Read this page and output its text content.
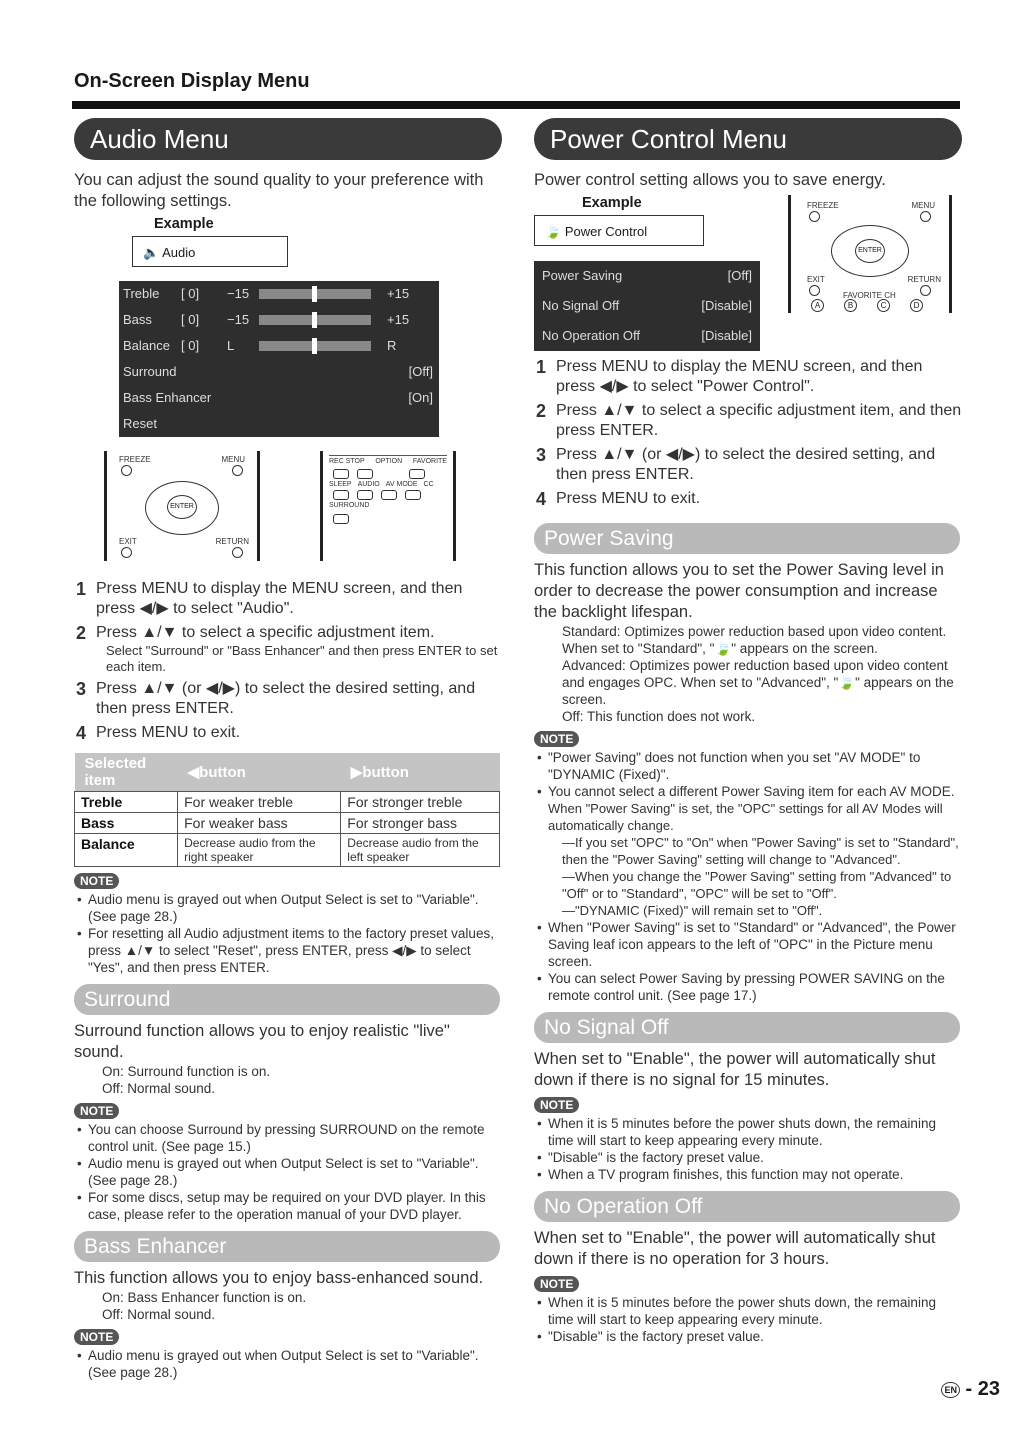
On-Screen Display Menu
Audio Menu

You can adjust the sound quality to your preference with the following settings.

Example
🔈 Audio
Treble [ 0] −15	+15
Bass [ 0] −15	+15
Balance [ 0] L	R
Surround	[Off]
Bass Enhancer	[On]
Reset
FREEZE	MENU
ENTER
EXIT	RETURN
REC STOP OPTION FAVORITE
SLEEP AUDIO AV MODE CC
SURROUND
1 Press MENU to display the MENU screen, and then press ◀/▶ to select "Audio".
2 Press ▲/▼ to select a specific adjustment item.
Select "Surround" or "Bass Enhancer" and then press ENTER to set each item.
3 Press ▲/▼ (or ◀/▶) to select the desired setting, and then press ENTER.
4 Press MENU to exit.
Selected item	◀button	▶button
Treble	For weaker treble	For stronger treble
Bass	For weaker bass	For stronger bass
Balance	Decrease audio from the right speaker	Decrease audio from the left speaker
NOTE
• Audio menu is grayed out when Output Select is set to "Variable". (See page 28.)
• For resetting all Audio adjustment items to the factory preset values, press ▲/▼ to select "Reset", press ENTER, press ◀/▶ to select "Yes", and then press ENTER.
Surround

Surround function allows you to enjoy realistic "live" sound.

On: Surround function is on.
Off: Normal sound.
NOTE
• You can choose Surround by pressing SURROUND on the remote control unit. (See page 15.)
• Audio menu is grayed out when Output Select is set to "Variable". (See page 28.)
• For some discs, setup may be required on your DVD player. In this case, please refer to the operation manual of your DVD player.
Bass Enhancer

This function allows you to enjoy bass-enhanced sound.

On: Bass Enhancer function is on.
Off: Normal sound.
NOTE
• Audio menu is grayed out when Output Select is set to "Variable". (See page 28.)
Power Control Menu

Power control setting allows you to save energy.

Example
🍃 Power Control
Power Saving	[Off]
No Signal Off	[Disable]
No Operation Off	[Disable]
FREEZE	MENU
ENTER
EXIT	RETURN
FAVORITE CH
A	B	C	D
1 Press MENU to display the MENU screen, and then press ◀/▶ to select "Power Control".
2 Press ▲/▼ to select a specific adjustment item, and then press ENTER.
3 Press ▲/▼ (or ◀/▶) to select the desired setting, and then press ENTER.
4 Press MENU to exit.
Power Saving

This function allows you to set the Power Saving level in order to decrease the power consumption and increase the backlight lifespan.

Standard: Optimizes power reduction based upon video content. When set to "Standard", "🍃" appears on the screen.
Advanced: Optimizes power reduction based upon video content and engages OPC. When set to "Advanced", "🍃" appears on the screen.
Off: This function does not work.
NOTE
• "Power Saving" does not function when you set "AV MODE" to "DYNAMIC (Fixed)".
• You cannot select a different Power Saving item for each AV MODE.
When "Power Saving" is set, the "OPC" settings for all AV Modes will automatically change.
—If you set "OPC" to "On" when "Power Saving" is set to "Standard", then the "Power Saving" setting will change to "Advanced".
—When you change the "Power Saving" setting from "Advanced" to "Off" or to "Standard", "OPC" will be set to "Off".
—"DYNAMIC (Fixed)" will remain set to "Off".
• When "Power Saving" is set to "Standard" or "Advanced", the Power Saving leaf icon appears to the left of "OPC" in the Picture menu screen.
• You can select Power Saving by pressing POWER SAVING on the remote control unit. (See page 17.)
No Signal Off

When set to "Enable", the power will automatically shut down if there is no signal for 15 minutes.

NOTE
• When it is 5 minutes before the power shuts down, the remaining time will start to keep appearing every minute.
• "Disable" is the factory preset value.
• When a TV program finishes, this function may not operate.
No Operation Off

When set to "Enable", the power will automatically shut down if there is no operation for 3 hours.

NOTE
• When it is 5 minutes before the power shuts down, the remaining time will start to keep appearing every minute.
• "Disable" is the factory preset value.
EN - 23
